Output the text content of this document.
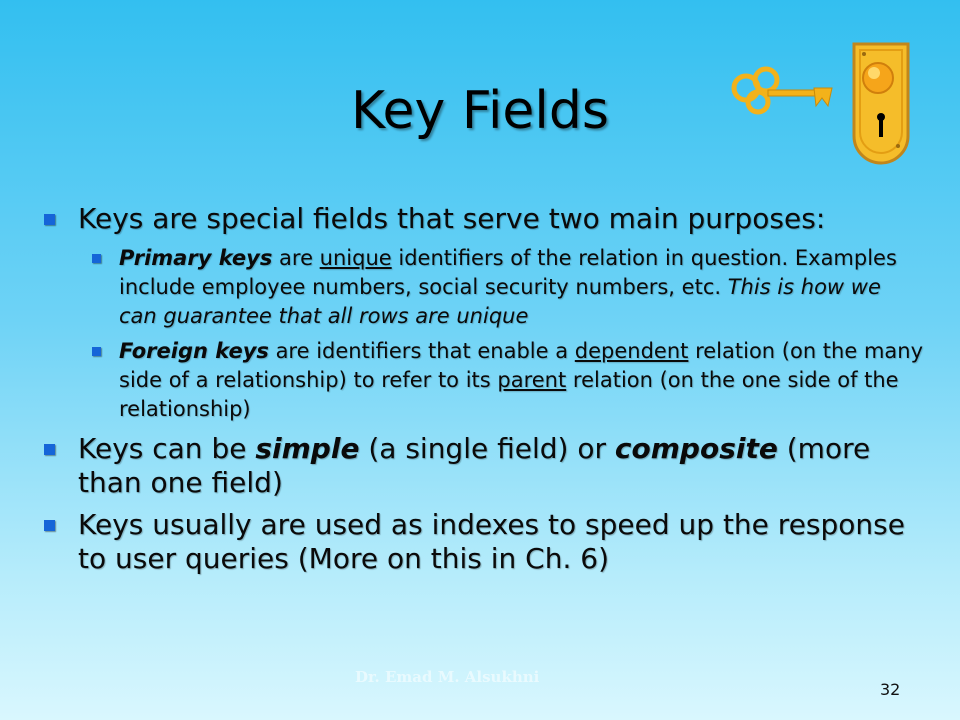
Key Fields
Keys are special fields that serve two main purposes:
Primary keys are unique identifiers of the relation in question. Examples include employee numbers, social security numbers, etc. This is how we can guarantee that all rows are unique
Foreign keys are identifiers that enable a dependent relation (on the many side of a relationship) to refer to its parent relation (on the one side of the relationship)
Keys can be simple (a single field) or composite (more than one field)
Keys usually are used as indexes to speed up the response to user queries (More on this in Ch. 6)
Dr. Emad M. Alsukhni
32
